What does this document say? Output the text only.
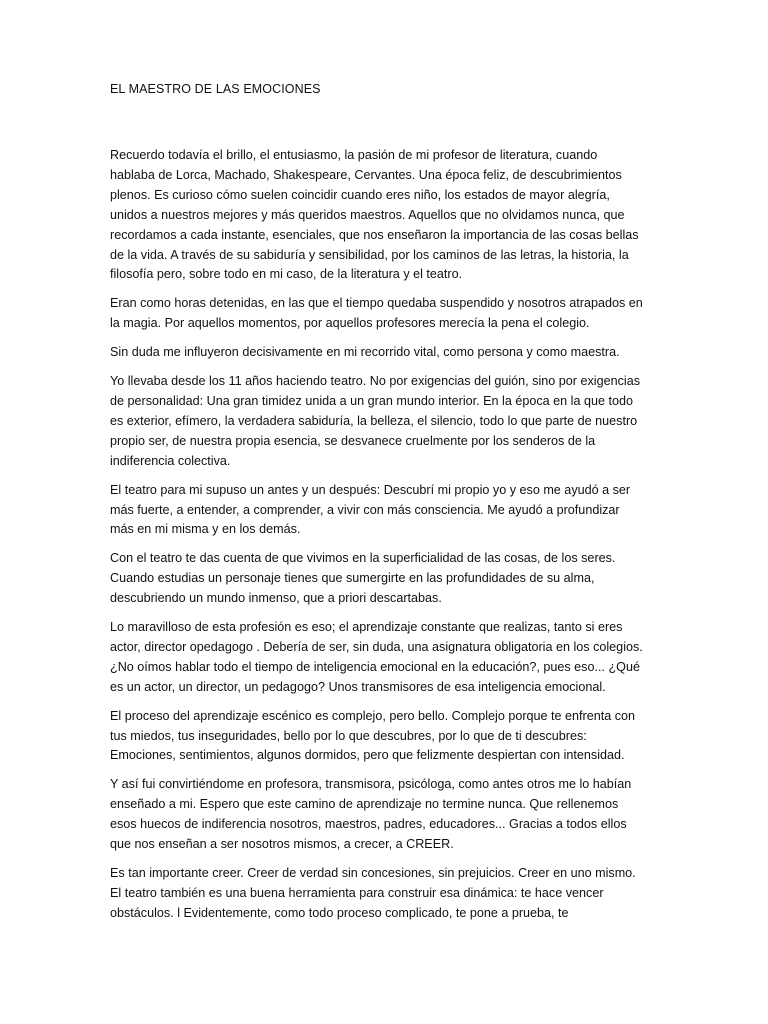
EL MAESTRO DE LAS EMOCIONES

Recuerdo todavía el brillo, el entusiasmo, la pasión de mi profesor de literatura, cuando
hablaba de Lorca, Machado, Shakespeare, Cervantes. Una época feliz, de descubrimientos
plenos. Es curioso cómo suelen coincidir cuando eres niño, los estados de mayor alegría,
unidos a nuestros mejores y más queridos maestros. Aquellos que no olvidamos nunca, que
recordamos a cada instante, esenciales, que nos enseñaron la importancia de las cosas bellas
de la vida. A través de su sabiduría y sensibilidad, por los caminos de las letras, la historia, la
filosofía pero, sobre todo en mi caso, de la literatura y el teatro.

Eran como horas detenidas, en las que el tiempo quedaba suspendido y nosotros atrapados en
la magia. Por aquellos momentos, por aquellos profesores merecía la pena el colegio.

Sin duda me influyeron decisivamente en mi recorrido vital, como persona y como maestra.

Yo llevaba desde los 11 años haciendo teatro. No por exigencias del guión, sino por exigencias
de personalidad: Una gran timidez unida a un gran mundo interior. En la época en la que todo
es exterior, efímero, la verdadera sabiduría, la belleza, el silencio, todo lo que parte de nuestro
propio ser, de nuestra propia esencia, se desvanece cruelmente por los senderos de la
indiferencia colectiva.

El teatro para mi supuso un antes y un después: Descubrí mi propio yo y eso me ayudó a ser
más fuerte, a entender, a comprender, a vivir con más consciencia. Me ayudó a profundizar
más en mi misma y en los demás.

Con el teatro te das cuenta de que vivimos en la superficialidad de las cosas, de los seres.
Cuando estudias un personaje tienes que sumergirte en las profundidades de su alma,
descubriendo un mundo inmenso, que a priori descartabas.

Lo maravilloso de esta profesión es eso; el aprendizaje constante que realizas, tanto si eres
actor, director opedagogo . Debería de ser, sin duda, una asignatura obligatoria en los colegios.
¿No oímos hablar todo el tiempo de inteligencia emocional en la educación?, pues eso... ¿Qué
es un actor, un director, un pedagogo? Unos transmisores de esa inteligencia emocional.

El proceso del aprendizaje escénico es complejo, pero bello. Complejo porque te enfrenta con
tus miedos, tus inseguridades, bello por lo que descubres, por lo que de ti descubres:
Emociones, sentimientos, algunos dormidos, pero que felizmente despiertan con intensidad.

Y así fui convirtiéndome en profesora, transmisora, psicóloga, como antes otros me lo habían
enseñado a mi. Espero que este camino de aprendizaje no termine nunca. Que rellenemos
esos huecos de indiferencia nosotros, maestros, padres, educadores... Gracias a todos ellos
que nos enseñan a ser nosotros mismos, a crecer, a CREER.

Es tan importante creer. Creer de verdad sin concesiones, sin prejuicios. Creer en uno mismo.
El teatro también es una buena herramienta para construir esa dinámica: te hace vencer
obstáculos. l Evidentemente, como todo proceso complicado, te pone a prueba, te
